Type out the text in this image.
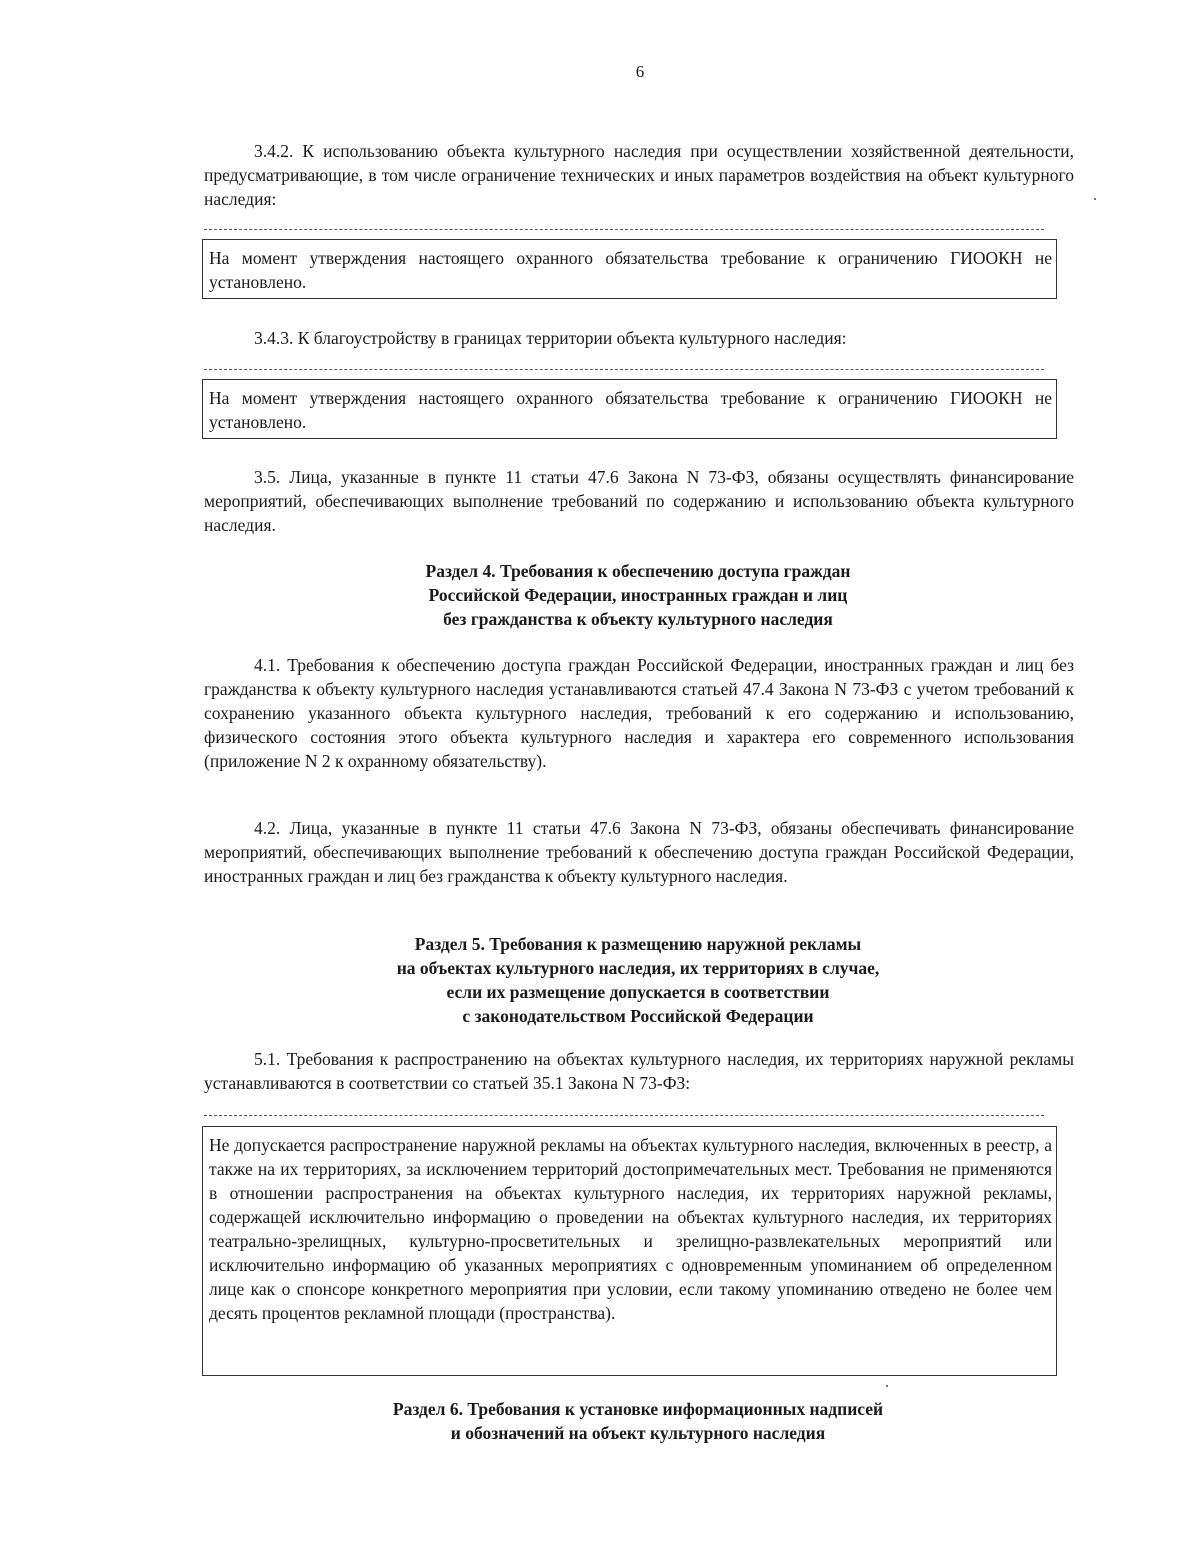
6

3.4.2. К использованию объекта культурного наследия при осуществлении хозяйственной деятельности, предусматривающие, в том числе ограничение технических и иных параметров воздействия на объект культурного наследия:

На момент утверждения настоящего охранного обязательства требование к ограничению ГИООКН не установлено.

3.4.3. К благоустройству в границах территории объекта культурного наследия:

На момент утверждения настоящего охранного обязательства требование к ограничению ГИООКН не установлено.

3.5. Лица, указанные в пункте 11 статьи 47.6 Закона N 73-ФЗ, обязаны осуществлять финансирование мероприятий, обеспечивающих выполнение требований по содержанию и использованию объекта культурного наследия.

Раздел 4. Требования к обеспечению доступа граждан
Российской Федерации, иностранных граждан и лиц
без гражданства к объекту культурного наследия

4.1. Требования к обеспечению доступа граждан Российской Федерации, иностранных граждан и лиц без гражданства к объекту культурного наследия устанавливаются статьей 47.4 Закона N 73-ФЗ с учетом требований к сохранению указанного объекта культурного наследия, требований к его содержанию и использованию, физического состояния этого объекта культурного наследия и характера его современного использования (приложение N 2 к охранному обязательству).

4.2. Лица, указанные в пункте 11 статьи 47.6 Закона N 73-ФЗ, обязаны обеспечивать финансирование мероприятий, обеспечивающих выполнение требований к обеспечению доступа граждан Российской Федерации, иностранных граждан и лиц без гражданства к объекту культурного наследия.

Раздел 5. Требования к размещению наружной рекламы
на объектах культурного наследия, их территориях в случае,
если их размещение допускается в соответствии
с законодательством Российской Федерации

5.1. Требования к распространению на объектах культурного наследия, их территориях наружной рекламы устанавливаются в соответствии со статьей 35.1 Закона N 73-ФЗ:

Не допускается распространение наружной рекламы на объектах культурного наследия, включенных в реестр, а также на их территориях, за исключением территорий достопримечательных мест. Требования не применяются в отношении распространения на объектах культурного наследия, их территориях наружной рекламы, содержащей исключительно информацию о проведении на объектах культурного наследия, их территориях театрально-зрелищных, культурно-просветительных и зрелищно-развлекательных мероприятий или исключительно информацию об указанных мероприятиях с одновременным упоминанием об определенном лице как о спонсоре конкретного мероприятия при условии, если такому упоминанию отведено не более чем десять процентов рекламной площади (пространства).
Раздел 6. Требования к установке информационных надписей
и обозначений на объект культурного наследия
